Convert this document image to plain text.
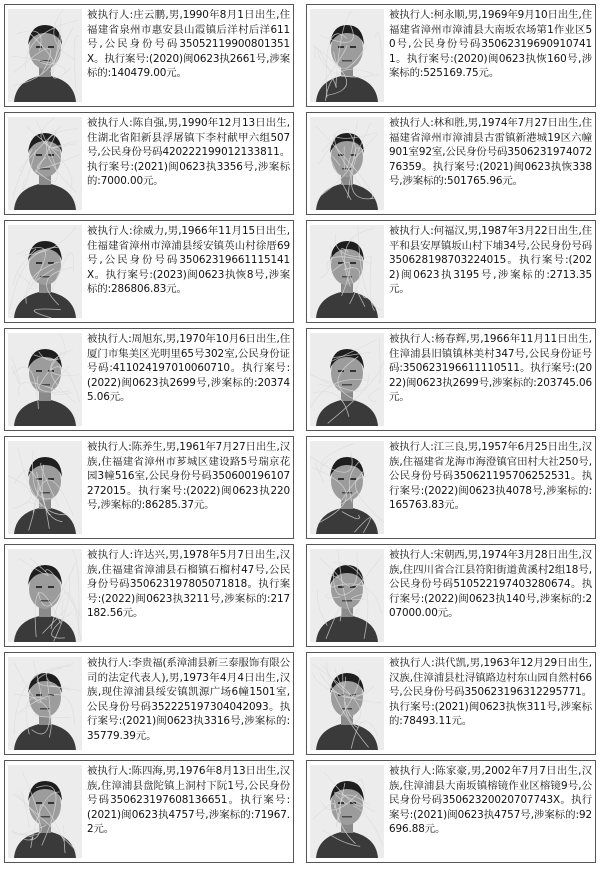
被执行人:庄云鹏,男,1990年8月1日出生,住福建省泉州市惠安县山霞镇后洋村后洋611号,公民身份号码35052119900801351X。执行案号:(2020)闽0623执2661号,涉案标的:140479.00元。
被执行人:柯永顺,男,1969年9月10日出生,住福建省漳州市漳浦县大南坂农场第1作业区50号,公民身份号码350623196909107411。执行案号:(2020)闽0623执恢160号,涉案标的:525169.75元。
被执行人:陈自强,男,1990年12月13日出生,住湖北省阳新县浮屠镇下李村献甲六组507号,公民身份号码420222199012133811。执行案号:(2021)闽0623执3356号,涉案标的:7000.00元。
被执行人:林和胜,男,1974年7月27日出生,住福建省漳州市漳浦县古雷镇新港城19区六幢901室92室,公民身份号码350623197407276359。执行案号:(2021)闽0623执恢338号,涉案标的:501765.96元。
被执行人:徐威力,男,1966年11月15日出生,住福建省漳州市漳浦县绥安镇英山村徐厝69号,公民身份号码35062319661115141X。执行案号:(2023)闽0623执恢8号,涉案标的:286806.83元。
被执行人:何福汉,男,1987年3月22日出生,住平和县安厚镇坂山村下埔34号,公民身份号码350628198703224015。执行案号:(2022)闽0623执3195号,涉案标的:2713.35元。
被执行人:周旭东,男,1970年10月6日出生,住厦门市集美区光明里65号302室,公民身份证号码:411024197010060710。执行案号:(2022)闽0623执2699号,涉案标的:203745.06元。
被执行人:杨春辉,男,1966年11月11日出生,住漳浦县旧镇镇林美村347号,公民身份证号码:350623196611110511。执行案号:(2022)闽0623执2699号,涉案标的:203745.06元。
被执行人:陈养生,男,1961年7月27日出生,汉族,住福建省漳州市芗城区建设路5号瑞京花园3幢516室,公民身份号码350600196107272015。执行案号:(2022)闽0623执220号,涉案标的:86285.37元。
被执行人:江三良,男,1957年6月25日出生,汉族,住福建省龙海市海澄镇官田村大社250号,公民身份号码350621195706252531。执行案号:(2022)闽0623执4078号,涉案标的:165763.83元。
被执行人:许达兴,男,1978年5月7日出生,汉族,住福建省漳浦县石榴镇石榴村47号,公民身份号码350623197805071818。执行案号:(2022)闽0623执3211号,涉案标的:217182.56元。
被执行人:宋朝西,男,1974年3月28日出生,汉族,住四川省合江县符阳街道黄溪村2组18号,公民身份号码510522197403280674。执行案号:(2022)闽0623执140号,涉案标的:207000.00元。
被执行人:李贵福(系漳浦县新三泰服饰有限公司的法定代表人),男,1973年4月4日出生,汉族,现住漳浦县绥安镇凯源广场6幢1501室,公民身份号码352225197304042093。执行案号:(2021)闽0623执3316号,涉案标的:35779.39元。
被执行人:洪代凯,男,1963年12月29日出生,汉族,住漳浦县杜浔镇路边村东山园自然村66号,公民身份号码350623196312295771。执行案号:(2021)闽0623执恢311号,涉案标的:78493.11元。
被执行人:陈四海,男,1976年8月13日出生,汉族,住漳浦县盘陀镇上洞村下阮1号,公民身份号码350623197608136651。执行案号:(2021)闽0623执4757号,涉案标的:71967.2元。
被执行人:陈家豪,男,2002年7月7日出生,汉族,住漳浦县大南坂镇榕镜作业区榕镜9号,公民身份号码35062320020707743X。执行案号:(2021)闽0623执4757号,涉案标的:92696.88元。
